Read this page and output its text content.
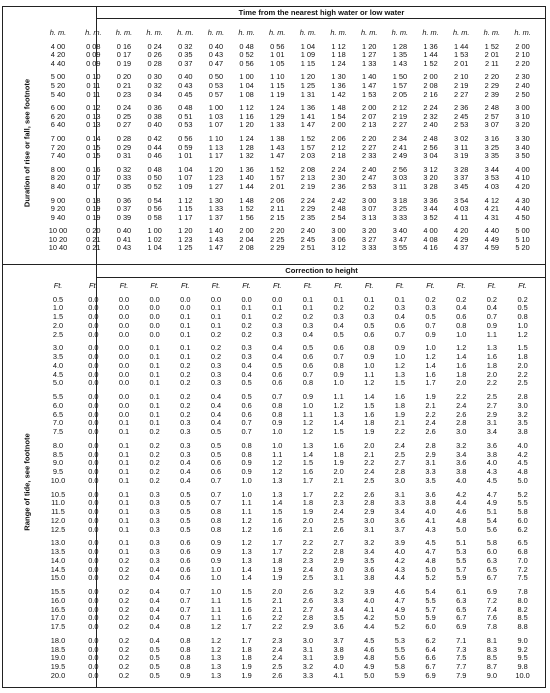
Time from the nearest high water or low water
Correction to height
Duration of rise or fall, see footnote
Range of tide, see footnote
h. m.	h. m.	h. m.	h. m.	h. m.	h. m.	h. m.	h. m.	h. m.	h. m.	h. m.	h. m.	h. m.	h. m.	h. m.	h. m.

4 00	0 08	0 16	0 24	0 32	0 40	0 48	0 56	1 04	1 12	1 20	1 28	1 36	1 44	1 52	2 00
4 20	0 09	0 17	0 26	0 35	0 43	0 52	1 01	1 09	1 18	1 27	1 35	1 44	1 53	2 01	2 10
4 40	0 09	0 19	0 28	0 37	0 47	0 56	1 05	1 15	1 24	1 33	1 43	1 52	2 01	2 11	2 20

5 00	0 10	0 20	0 30	0 40	0 50	1 00	1 10	1 20	1 30	1 40	1 50	2 00	2 10	2 20	2 30
5 20	0 11	0 21	0 32	0 43	0 53	1 04	1 15	1 25	1 36	1 47	1 57	2 08	2 19	2 29	2 40
5 40	0 11	0 23	0 34	0 45	0 57	1 08	1 19	1 31	1 42	1 53	2 05	2 16	2 27	2 39	2 50

6 00	0 12	0 24	0 36	0 48	1 00	1 12	1 24	1 36	1 48	2 00	2 12	2 24	2 36	2 48	3 00
6 20	0 13	0 25	0 38	0 51	1 03	1 16	1 29	1 41	1 54	2 07	2 19	2 32	2 45	2 57	3 10
6 40	0 13	0 27	0 40	0 53	1 07	1 20	1 33	1 47	2 00	2 13	2 27	2 40	2 53	3 07	3 20

7 00	0 14	0 28	0 42	0 56	1 10	1 24	1 38	1 52	2 06	2 20	2 34	2 48	3 02	3 16	3 30
7 20	0 15	0 29	0 44	0 59	1 13	1 28	1 43	1 57	2 12	2 27	2 41	2 56	3 11	3 25	3 40
7 40	0 15	0 31	0 46	1 01	1 17	1 32	1 47	2 03	2 18	2 33	2 49	3 04	3 19	3 35	3 50

8 00	0 16	0 32	0 48	1 04	1 20	1 36	1 52	2 08	2 24	2 40	2 56	3 12	3 28	3 44	4 00
8 20	0 17	0 33	0 50	1 07	1 23	1 40	1 57	2 13	2 30	2 47	3 03	3 20	3 37	3 53	4 10
8 40	0 17	0 35	0 52	1 09	1 27	1 44	2 01	2 19	2 36	2 53	3 11	3 28	3 45	4 03	4 20

9 00	0 18	0 36	0 54	1 12	1 30	1 48	2 06	2 24	2 42	3 00	3 18	3 36	3 54	4 12	4 30
9 20	0 19	0 37	0 56	1 15	1 33	1 52	2 11	2 29	2 48	3 07	3 25	3 44	4 03	4 21	4 40
9 40	0 19	0 39	0 58	1 17	1 37	1 56	2 15	2 35	2 54	3 13	3 33	3 52	4 11	4 31	4 50

10 00	0 20	0 40	1 00	1 20	1 40	2 00	2 20	2 40	3 00	3 20	3 40	4 00	4 20	4 40	5 00
10 20	0 21	0 41	1 02	1 23	1 43	2 04	2 25	2 45	3 06	3 27	3 47	4 08	4 29	4 49	5 10
10 40	0 21	0 43	1 04	1 25	1 47	2 08	2 29	2 51	3 12	3 33	3 55	4 16	4 37	4 59	5 20
Ft.	Ft.	Ft.	Ft.	Ft.	Ft.	Ft.	Ft.	Ft.	Ft.	Ft.	Ft.	Ft.	Ft.	Ft.	Ft.

0.5	0.0	0.0	0.0	0.0	0.0	0.0	0.0	0.1	0.1	0.1	0.1	0.2	0.2	0.2	0.2
1.0	0.0	0.0	0.0	0.0	0.1	0.1	0.1	0.1	0.2	0.2	0.3	0.3	0.4	0.4	0.5
1.5	0.0	0.0	0.0	0.1	0.1	0.1	0.2	0.2	0.3	0.3	0.4	0.5	0.6	0.7	0.8
2.0	0.0	0.0	0.0	0.1	0.1	0.2	0.3	0.3	0.4	0.5	0.6	0.7	0.8	0.9	1.0
2.5	0.0	0.0	0.0	0.1	0.2	0.2	0.3	0.4	0.5	0.6	0.7	0.9	1.0	1.1	1.2

3.0	0.0	0.0	0.1	0.1	0.2	0.3	0.4	0.5	0.6	0.8	0.9	1.0	1.2	1.3	1.5
3.5	0.0	0.0	0.1	0.1	0.2	0.3	0.4	0.6	0.7	0.9	1.0	1.2	1.4	1.6	1.8
4.0	0.0	0.0	0.1	0.2	0.3	0.4	0.5	0.6	0.8	1.0	1.2	1.4	1.6	1.8	2.0
4.5	0.0	0.0	0.1	0.2	0.3	0.4	0.6	0.7	0.9	1.1	1.3	1.6	1.8	2.0	2.2
5.0	0.0	0.0	0.1	0.2	0.3	0.5	0.6	0.8	1.0	1.2	1.5	1.7	2.0	2.2	2.5

5.5	0.0	0.0	0.1	0.2	0.4	0.5	0.7	0.9	1.1	1.4	1.6	1.9	2.2	2.5	2.8
6.0	0.0	0.0	0.1	0.2	0.4	0.6	0.8	1.0	1.2	1.5	1.8	2.1	2.4	2.7	3.0
6.5	0.0	0.0	0.1	0.2	0.4	0.6	0.8	1.1	1.3	1.6	1.9	2.2	2.6	2.9	3.2
7.0	0.0	0.1	0.1	0.3	0.4	0.7	0.9	1.2	1.4	1.8	2.1	2.4	2.8	3.1	3.5
7.5	0.0	0.1	0.2	0.3	0.5	0.7	1.0	1.2	1.5	1.9	2.2	2.6	3.0	3.4	3.8

8.0	0.0	0.1	0.2	0.3	0.5	0.8	1.0	1.3	1.6	2.0	2.4	2.8	3.2	3.6	4.0
8.5	0.0	0.1	0.2	0.3	0.5	0.8	1.1	1.4	1.8	2.1	2.5	2.9	3.4	3.8	4.2
9.0	0.0	0.1	0.2	0.4	0.6	0.9	1.2	1.5	1.9	2.2	2.7	3.1	3.6	4.0	4.5
9.5	0.0	0.1	0.2	0.4	0.6	0.9	1.2	1.6	2.0	2.4	2.8	3.3	3.8	4.3	4.8
10.0	0.0	0.1	0.2	0.4	0.7	1.0	1.3	1.7	2.1	2.5	3.0	3.5	4.0	4.5	5.0

10.5	0.0	0.1	0.3	0.5	0.7	1.0	1.3	1.7	2.2	2.6	3.1	3.6	4.2	4.7	5.2
11.0	0.0	0.1	0.3	0.5	0.7	1.1	1.4	1.8	2.3	2.8	3.3	3.8	4.4	4.9	5.5
11.5	0.0	0.1	0.3	0.5	0.8	1.1	1.5	1.9	2.4	2.9	3.4	4.0	4.6	5.1	5.8
12.0	0.0	0.1	0.3	0.5	0.8	1.2	1.6	2.0	2.5	3.0	3.6	4.1	4.8	5.4	6.0
12.5	0.0	0.1	0.3	0.5	0.8	1.2	1.6	2.1	2.6	3.1	3.7	4.3	5.0	5.6	6.2

13.0	0.0	0.1	0.3	0.6	0.9	1.2	1.7	2.2	2.7	3.2	3.9	4.5	5.1	5.8	6.5
13.5	0.0	0.1	0.3	0.6	0.9	1.3	1.7	2.2	2.8	3.4	4.0	4.7	5.3	6.0	6.8
14.0	0.0	0.2	0.3	0.6	0.9	1.3	1.8	2.3	2.9	3.5	4.2	4.8	5.5	6.3	7.0
14.5	0.0	0.2	0.4	0.6	1.0	1.4	1.9	2.4	3.0	3.6	4.3	5.0	5.7	6.5	7.2
15.0	0.0	0.2	0.4	0.6	1.0	1.4	1.9	2.5	3.1	3.8	4.4	5.2	5.9	6.7	7.5

15.5	0.0	0.2	0.4	0.7	1.0	1.5	2.0	2.6	3.2	3.9	4.6	5.4	6.1	6.9	7.8
16.0	0.0	0.2	0.4	0.7	1.1	1.5	2.1	2.6	3.3	4.0	4.7	5.5	6.3	7.2	8.0
16.5	0.0	0.2	0.4	0.7	1.1	1.6	2.1	2.7	3.4	4.1	4.9	5.7	6.5	7.4	8.2
17.0	0.0	0.2	0.4	0.7	1.1	1.6	2.2	2.8	3.5	4.2	5.0	5.9	6.7	7.6	8.5
17.5	0.0	0.2	0.4	0.8	1.2	1.7	2.2	2.9	3.6	4.4	5.2	6.0	6.9	7.8	8.8

18.0	0.0	0.2	0.4	0.8	1.2	1.7	2.3	3.0	3.7	4.5	5.3	6.2	7.1	8.1	9.0
18.5	0.0	0.2	0.5	0.8	1.2	1.8	2.4	3.1	3.8	4.6	5.5	6.4	7.3	8.3	9.2
19.0	0.0	0.2	0.5	0.8	1.3	1.8	2.4	3.1	3.9	4.8	5.6	6.6	7.5	8.5	9.5
19.5	0.0	0.2	0.5	0.8	1.3	1.9	2.5	3.2	4.0	4.9	5.8	6.7	7.7	8.7	9.8
20.0	0.0	0.2	0.5	0.9	1.3	1.9	2.6	3.3	4.1	5.0	5.9	6.9	7.9	9.0	10.0
